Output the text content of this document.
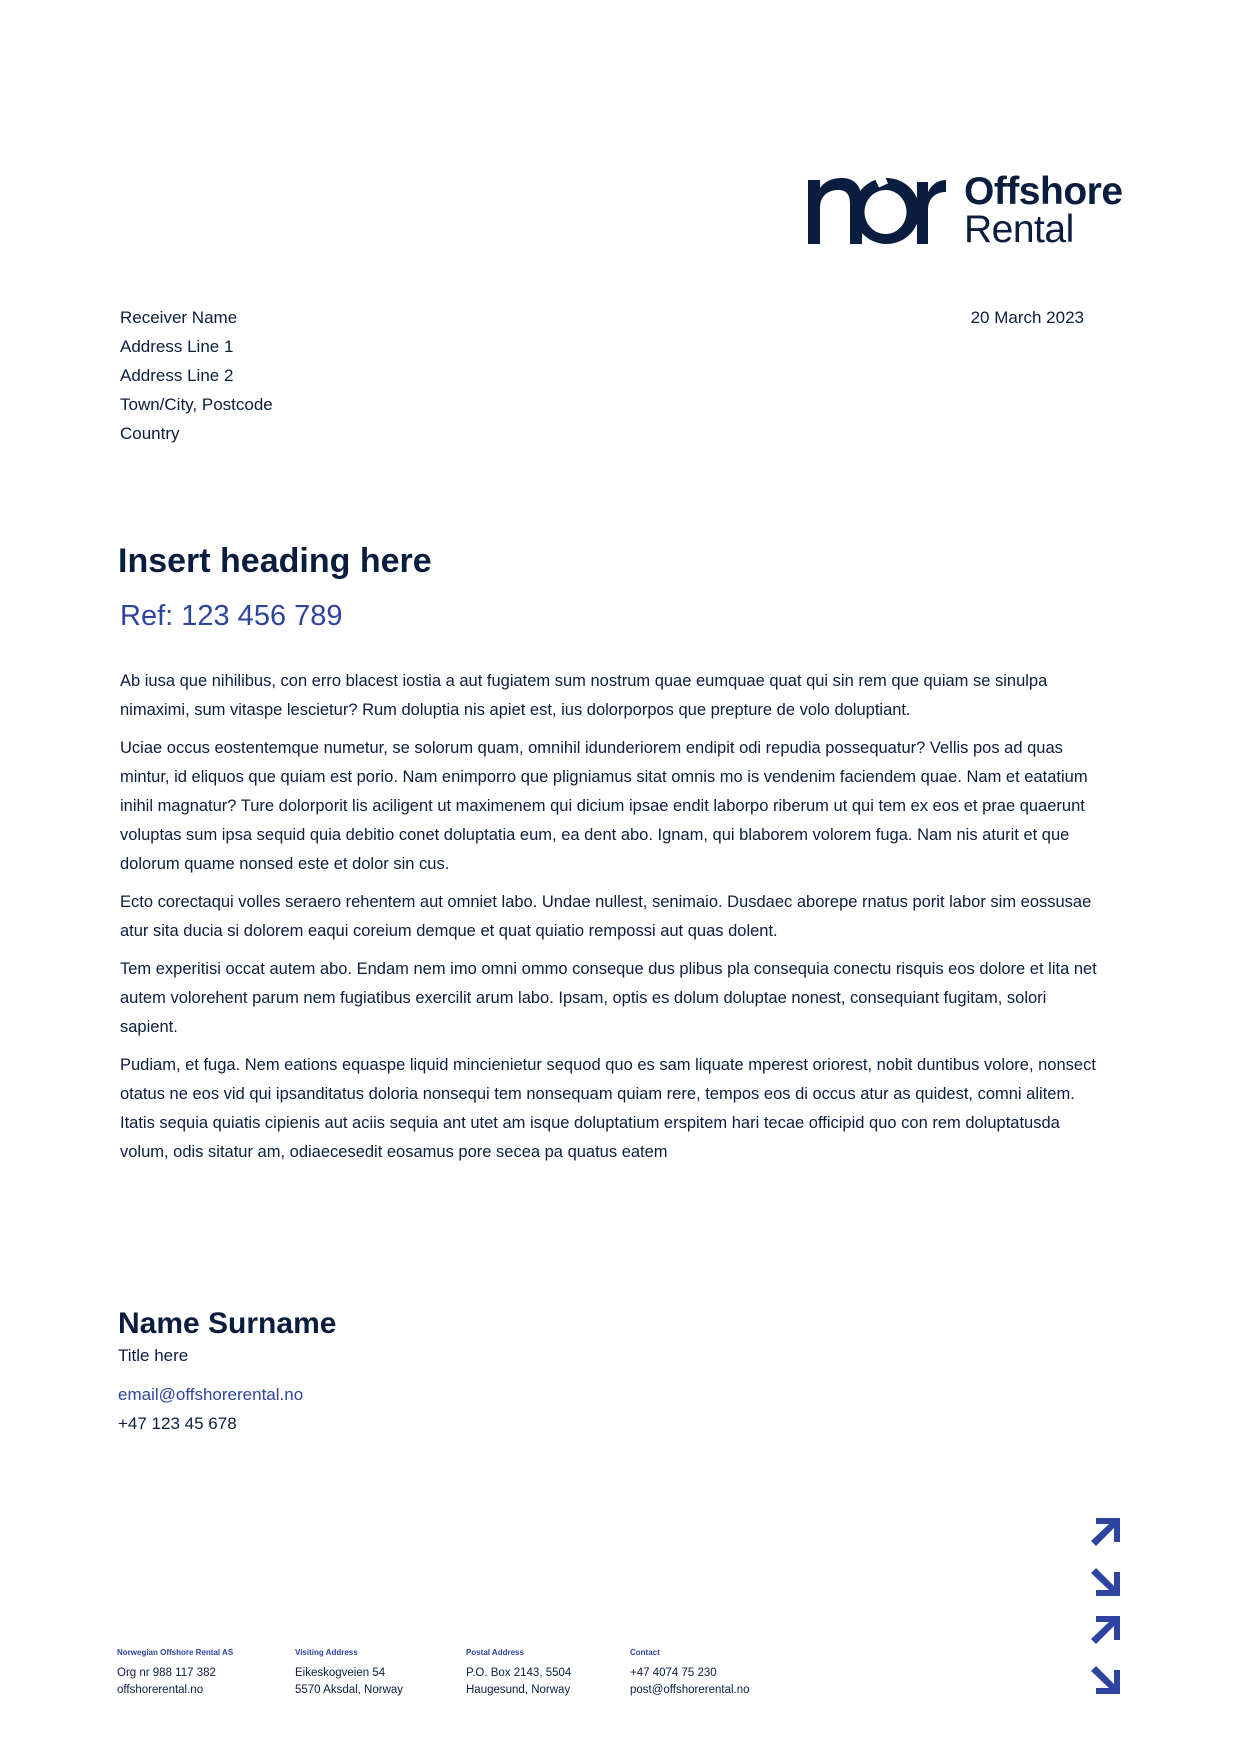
Offshore
Rental
Receiver Name
Address Line 1
Address Line 2
Town/City, Postcode
Country
20 March 2023
Insert heading here
Ref: 123 456 789

Ab iusa que nihilibus, con erro blacest iostia a aut fugiatem sum nostrum quae eumquae quat qui sin rem que quiam se sinulpa nimaximi, sum vitaspe lescietur? Rum doluptia nis apiet est, ius dolorporpos que prepture de volo doluptiant.

Uciae occus eostentemque numetur, se solorum quam, omnihil idunderiorem endipit odi repudia possequatur? Vellis pos ad quas mintur, id eliquos que quiam est porio. Nam enimporro que pligniamus sitat omnis mo is vendenim faciendem quae. Nam et eatatium inihil magnatur? Ture dolorporit lis aciligent ut maximenem qui dicium ipsae endit laborpo riberum ut qui tem ex eos et prae quaerunt voluptas sum ipsa sequid quia debitio conet doluptatia eum, ea dent abo. Ignam, qui blaborem volorem fuga. Nam nis aturit et que dolorum quame nonsed este et dolor sin cus.

Ecto corectaqui volles seraero rehentem aut omniet labo. Undae nullest, senimaio. Dusdaec aborepe rnatus porit labor sim eossusae atur sita ducia si dolorem eaqui coreium demque et quat quiatio rempossi aut quas dolent.

Tem experitisi occat autem abo. Endam nem imo omni ommo conseque dus plibus pla consequia conectu risquis eos dolore et lita net autem volorehent parum nem fugiatibus exercilit arum labo. Ipsam, optis es dolum doluptae nonest, consequiant fugitam, solori sapient.

Pudiam, et fuga. Nem eations equaspe liquid mincienietur sequod quo es sam liquate mperest oriorest, nobit duntibus volore, nonsect otatus ne eos vid qui ipsanditatus doloria nonsequi tem nonsequam quiam rere, tempos eos di occus atur as quidest, comni alitem. Itatis sequia quiatis cipienis aut aciis sequia ant utet am isque doluptatium erspitem hari tecae officipid quo con rem doluptatusda volum, odis sitatur am, odiaecesedit eosamus pore secea pa quatus eatem

Name Surname
Title here
email@offshorerental.no
+47 123 45 678
Norwegian Offshore Rental AS
Org nr 988 117 382
offshorerental.no
Visiting Address
Eikeskogveien 54
5570 Aksdal, Norway
Postal Address
P.O. Box 2143, 5504
Haugesund, Norway
Contact
+47 4074 75 230
post@offshorerental.no
